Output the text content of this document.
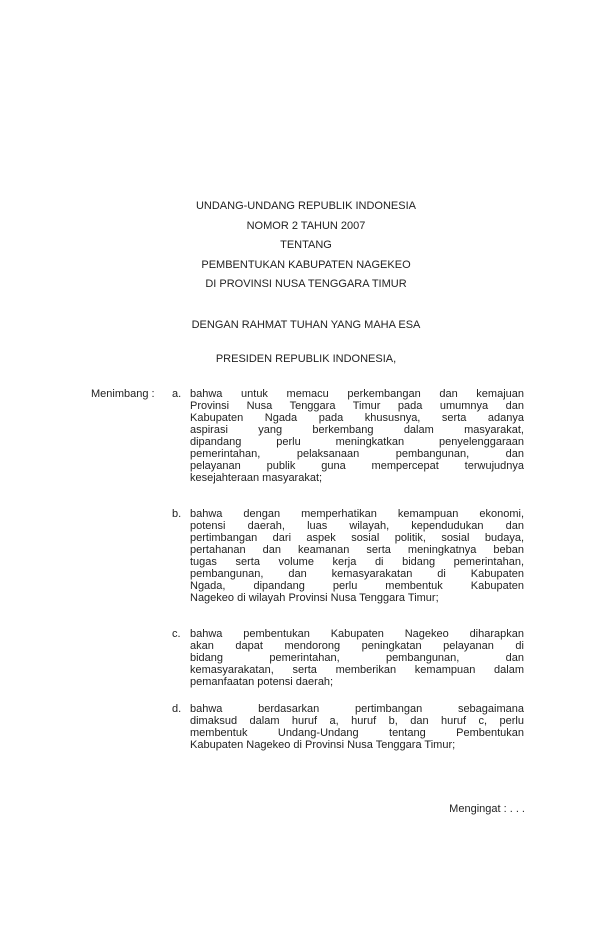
UNDANG-UNDANG REPUBLIK INDONESIA
NOMOR 2 TAHUN 2007
TENTANG
PEMBENTUKAN KABUPATEN NAGEKEO
DI PROVINSI NUSA TENGGARA TIMUR
DENGAN RAHMAT TUHAN YANG MAHA ESA
PRESIDEN REPUBLIK INDONESIA,
Menimbang : a. bahwa untuk memacu perkembangan dan kemajuan
Provinsi Nusa Tenggara Timur pada umumnya dan
Kabupaten Ngada pada khususnya, serta adanya
aspirasi yang berkembang dalam masyarakat,
dipandang perlu meningkatkan penyelenggaraan
pemerintahan, pelaksanaan pembangunan, dan
pelayanan publik guna mempercepat terwujudnya
kesejahteraan masyarakat;
b. bahwa dengan memperhatikan kemampuan ekonomi,
potensi daerah, luas wilayah, kependudukan dan
pertimbangan dari aspek sosial politik, sosial budaya,
pertahanan dan keamanan serta meningkatnya beban
tugas serta volume kerja di bidang pemerintahan,
pembangunan, dan kemasyarakatan di Kabupaten
Ngada, dipandang perlu membentuk Kabupaten
Nagekeo di wilayah Provinsi Nusa Tenggara Timur;
c. bahwa pembentukan Kabupaten Nagekeo diharapkan
akan dapat mendorong peningkatan pelayanan di
bidang pemerintahan, pembangunan, dan
kemasyarakatan, serta memberikan kemampuan dalam
pemanfaatan potensi daerah;
d. bahwa berdasarkan pertimbangan sebagaimana
dimaksud dalam huruf a, huruf b, dan huruf c, perlu
membentuk Undang-Undang tentang Pembentukan
Kabupaten Nagekeo di Provinsi Nusa Tenggara Timur;
Mengingat : . . .
